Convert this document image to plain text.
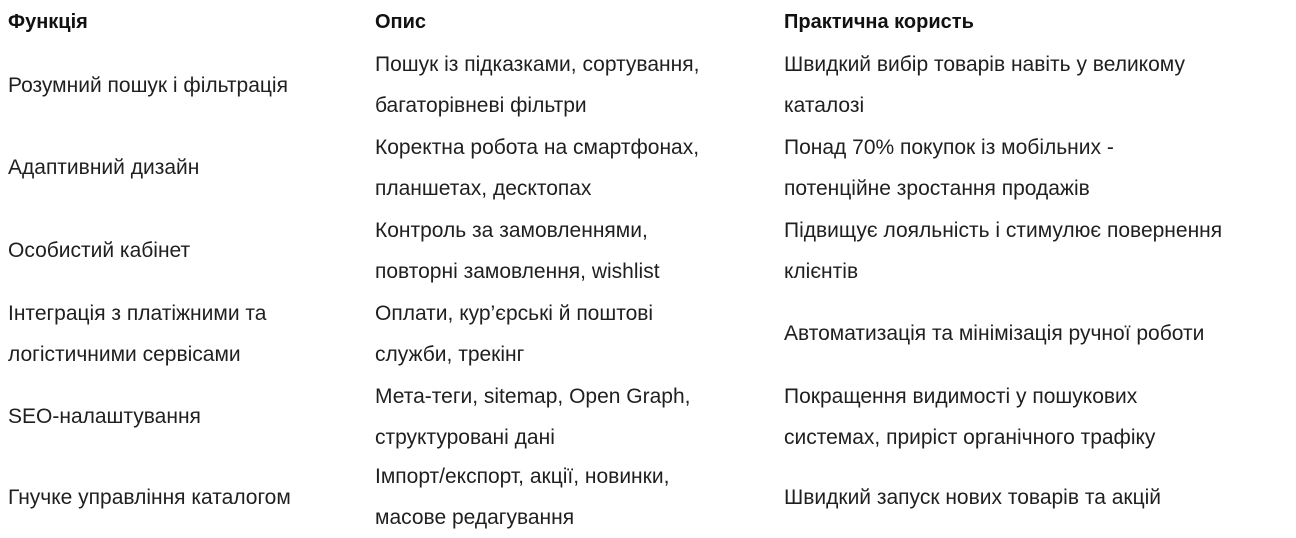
Функція	Опис	Практична користь
Розумний пошук і фільтрація
Пошук із підказками, сортування,
багаторівневі фільтри
Швидкий вибір товарів навіть у великому
каталозі
Адаптивний дизайн
Коректна робота на смартфонах,
планшетах, десктопах
Понад 70% покупок із мобільних -
потенційне зростання продажів
Особистий кабінет
Контроль за замовленнями,
повторні замовлення, wishlist
Підвищує лояльність і стимулює повернення
клієнтів
Інтеграція з платіжними та
логістичними сервісами
Оплати, кур’єрські й поштові
служби, трекінг
Автоматизація та мінімізація ручної роботи
SEO-налаштування
Мета-теги, sitemap, Open Graph,
структуровані дані
Покращення видимості у пошукових
системах, приріст органічного трафіку
Гнучке управління каталогом
Імпорт/експорт, акції, новинки,
масове редагування
Швидкий запуск нових товарів та акцій
